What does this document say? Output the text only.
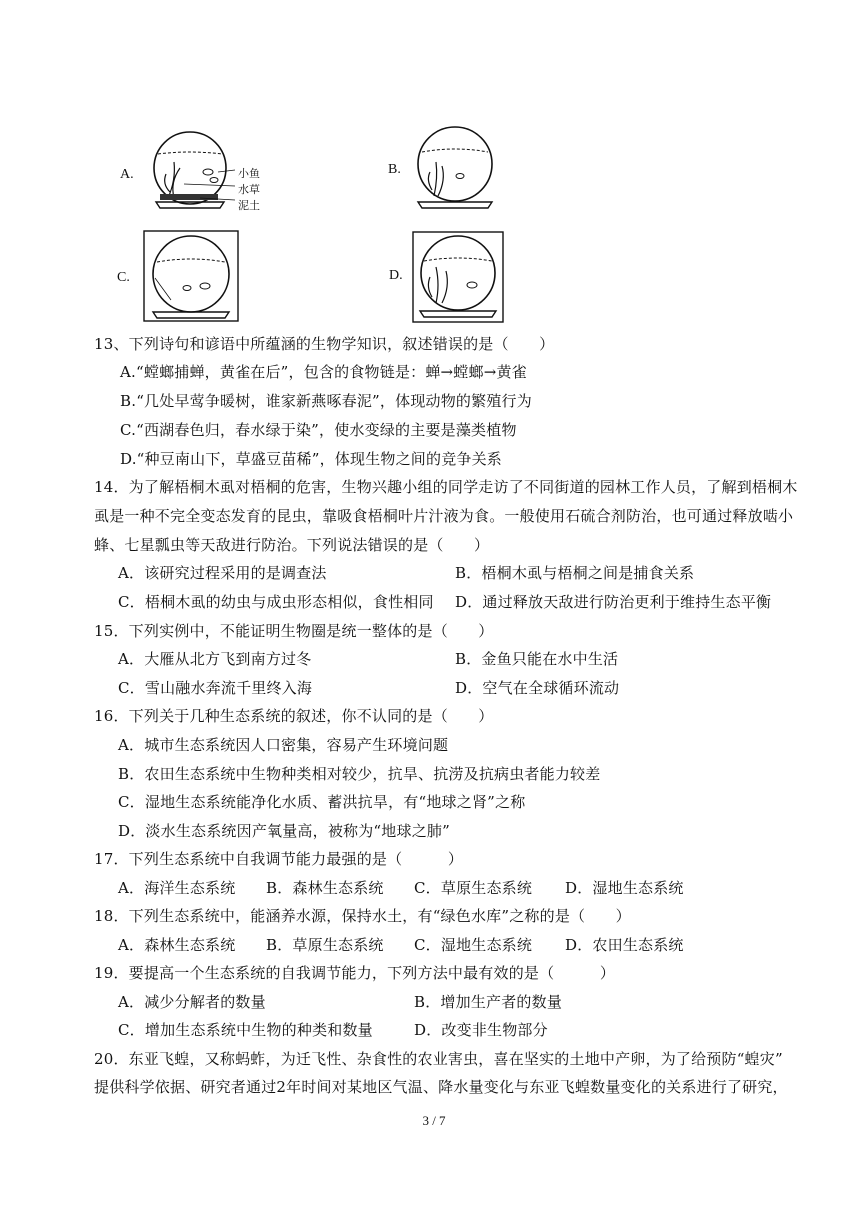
A.	B.
C.	D.
小鱼
水草
泥土
13、下列诗句和谚语中所蕴涵的生物学知识，叙述错误的是（　　）
A.“螳螂捕蝉，黄雀在后”，包含的食物链是：蝉→螳螂→黄雀
B.“几处早莺争暖树，谁家新燕啄春泥”，体现动物的繁殖行为
C.“西湖春色归，春水绿于染”，使水变绿的主要是藻类植物
D.“种豆南山下，草盛豆苗稀”，体现生物之间的竞争关系
14．为了解梧桐木虱对梧桐的危害，生物兴趣小组的同学走访了不同街道的园林工作人员，了解到梧桐木
虱是一种不完全变态发育的昆虫，靠吸食梧桐叶片汁液为食。一般使用石硫合剂防治，也可通过释放啮小
蜂、七星瓢虫等天敌进行防治。下列说法错误的是（　　）
A．该研究过程采用的是调查法	B．梧桐木虱与梧桐之间是捕食关系
C．梧桐木虱的幼虫与成虫形态相似，食性相同 D．通过释放天敌进行防治更利于维持生态平衡
15．下列实例中，不能证明生物圈是统一整体的是（　　）
A．大雁从北方飞到南方过冬	B．金鱼只能在水中生活
C．雪山融水奔流千里终入海	D．空气在全球循环流动
16．下列关于几种生态系统的叙述，你不认同的是（　　）
A．城市生态系统因人口密集，容易产生环境问题
B．农田生态系统中生物种类相对较少，抗旱、抗涝及抗病虫者能力较差
C．湿地生态系统能净化水质、蓄洪抗旱，有“地球之肾”之称
D．淡水生态系统因产氧量高，被称为“地球之肺”
17．下列生态系统中自我调节能力最强的是（　　　）
A．海洋生态系统 B．森林生态系统 C．草原生态系统 D．湿地生态系统
18．下列生态系统中，能涵养水源，保持水土，有“绿色水库”之称的是（　　）
A．森林生态系统 B．草原生态系统 C．湿地生态系统 D．农田生态系统
19．要提高一个生态系统的自我调节能力，下列方法中最有效的是（　　　）
A．减少分解者的数量	B．增加生产者的数量
C．增加生态系统中生物的种类和数量	D．改变非生物部分
20．东亚飞蝗，又称蚂蚱，为迁飞性、杂食性的农业害虫，喜在坚实的土地中产卵，为了给预防“蝗灾”
提供科学依据、研究者通过2年时间对某地区气温、降水量变化与东亚飞蝗数量变化的关系进行了研究，
3 / 7
